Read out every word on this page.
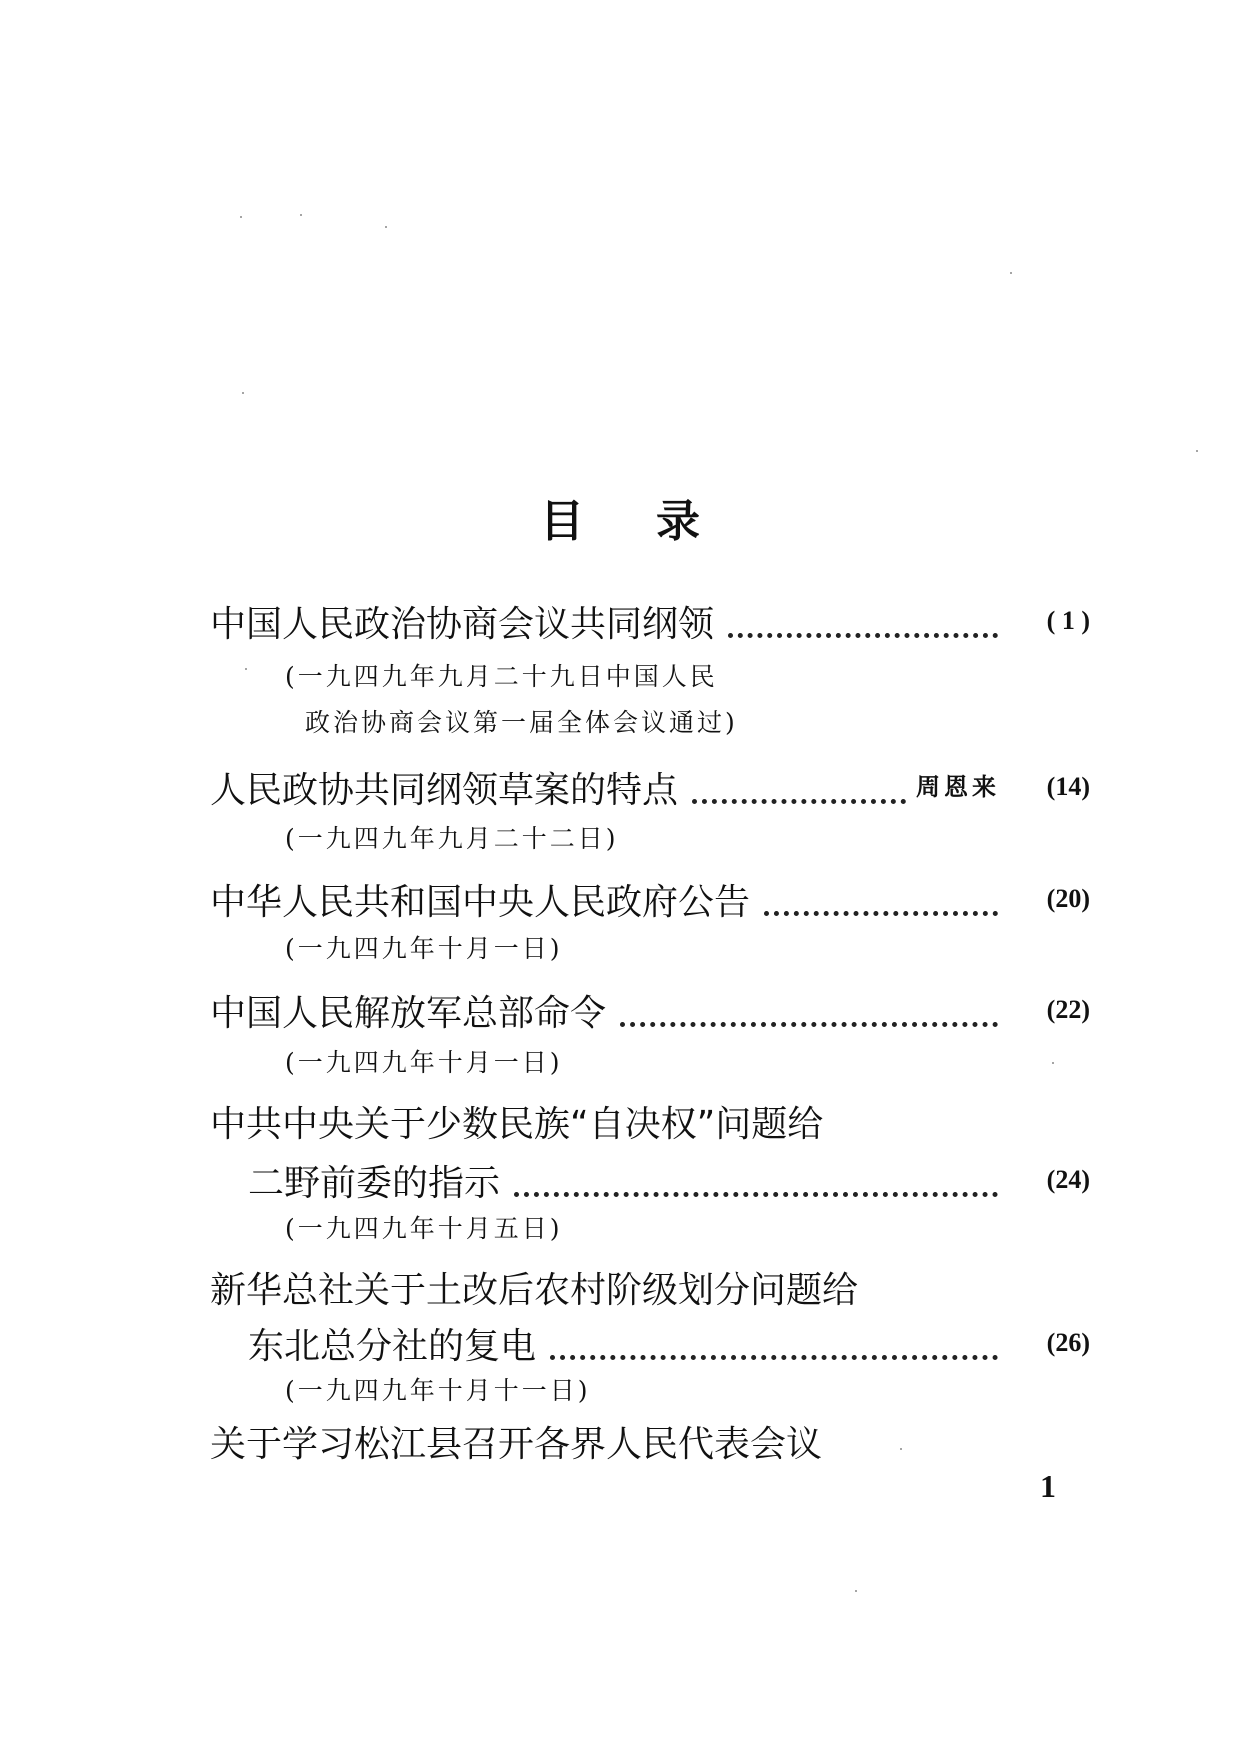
目 录
中国人民政治协商会议共同纲领	( 1 )
(一九四九年九月二十九日中国人民
政治协商会议第一届全体会议通过)
人民政协共同纲领草案的特点	周恩来	(14)
(一九四九年九月二十二日)
中华人民共和国中央人民政府公告	(20)
(一九四九年十月一日)
中国人民解放军总部命令	(22)
(一九四九年十月一日)
中共中央关于少数民族“自决权”问题给
二野前委的指示	(24)
(一九四九年十月五日)
新华总社关于土改后农村阶级划分问题给
东北总分社的复电	(26)
(一九四九年十月十一日)
关于学习松江县召开各界人民代表会议
1
